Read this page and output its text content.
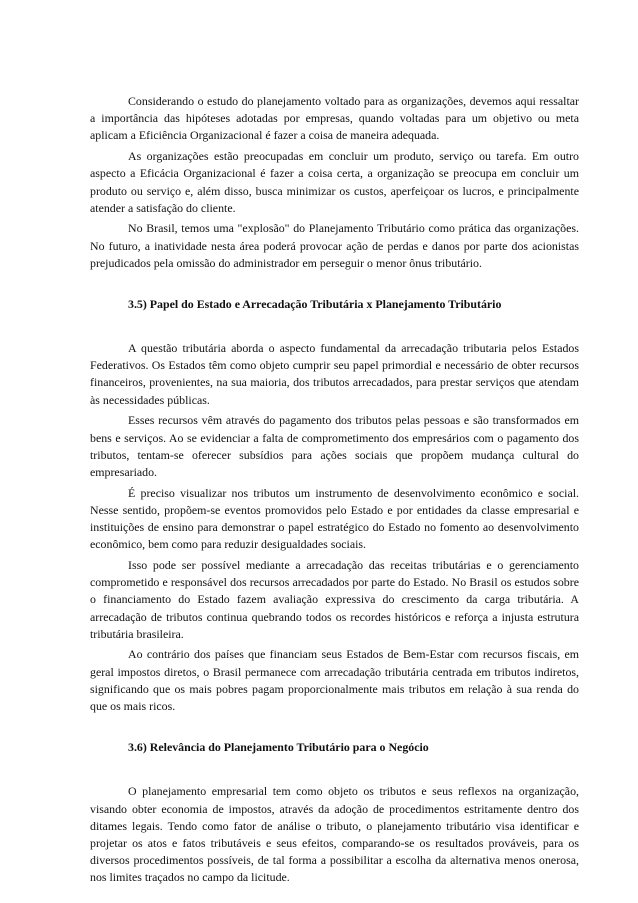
Considerando o estudo do planejamento voltado para as organizações, devemos aqui ressaltar a importância das hipóteses adotadas por empresas, quando voltadas para um objetivo ou meta aplicam a Eficiência Organizacional é fazer a coisa de maneira adequada.

As organizações estão preocupadas em concluir um produto, serviço ou tarefa. Em outro aspecto a Eficácia Organizacional é fazer a coisa certa, a organização se preocupa em concluir um produto ou serviço e, além disso, busca minimizar os custos, aperfeiçoar os lucros, e principalmente atender a satisfação do cliente.

No Brasil, temos uma "explosão" do Planejamento Tributário como prática das organizações. No futuro, a inatividade nesta área poderá provocar ação de perdas e danos por parte dos acionistas prejudicados pela omissão do administrador em perseguir o menor ônus tributário.

3.5) Papel do Estado e Arrecadação Tributária x Planejamento Tributário

A questão tributária aborda o aspecto fundamental da arrecadação tributaria pelos Estados Federativos. Os Estados têm como objeto cumprir seu papel primordial e necessário de obter recursos financeiros, provenientes, na sua maioria, dos tributos arrecadados, para prestar serviços que atendam às necessidades públicas.

Esses recursos vêm através do pagamento dos tributos pelas pessoas e são transformados em bens e serviços. Ao se evidenciar a falta de comprometimento dos empresários com o pagamento dos tributos, tentam-se oferecer subsídios para ações sociais que propõem mudança cultural do empresariado.

É preciso visualizar nos tributos um instrumento de desenvolvimento econômico e social. Nesse sentido, propõem-se eventos promovidos pelo Estado e por entidades da classe empresarial e instituições de ensino para demonstrar o papel estratégico do Estado no fomento ao desenvolvimento econômico, bem como para reduzir desigualdades sociais.

Isso pode ser possível mediante a arrecadação das receitas tributárias e o gerenciamento comprometido e responsável dos recursos arrecadados por parte do Estado. No Brasil os estudos sobre o financiamento do Estado fazem avaliação expressiva do crescimento da carga tributária. A arrecadação de tributos continua quebrando todos os recordes históricos e reforça a injusta estrutura tributária brasileira.

Ao contrário dos países que financiam seus Estados de Bem-Estar com recursos fiscais, em geral impostos diretos, o Brasil permanece com arrecadação tributária centrada em tributos indiretos, significando que os mais pobres pagam proporcionalmente mais tributos em relação à sua renda do que os mais ricos.

3.6) Relevância do Planejamento Tributário para o Negócio

O planejamento empresarial tem como objeto os tributos e seus reflexos na organização, visando obter economia de impostos, através da adoção de procedimentos estritamente dentro dos ditames legais. Tendo como fator de análise o tributo, o planejamento tributário visa identificar e projetar os atos e fatos tributáveis e seus efeitos, comparando-se os resultados prováveis, para os diversos procedimentos possíveis, de tal forma a possibilitar a escolha da alternativa menos onerosa, nos limites traçados no campo da licitude.
